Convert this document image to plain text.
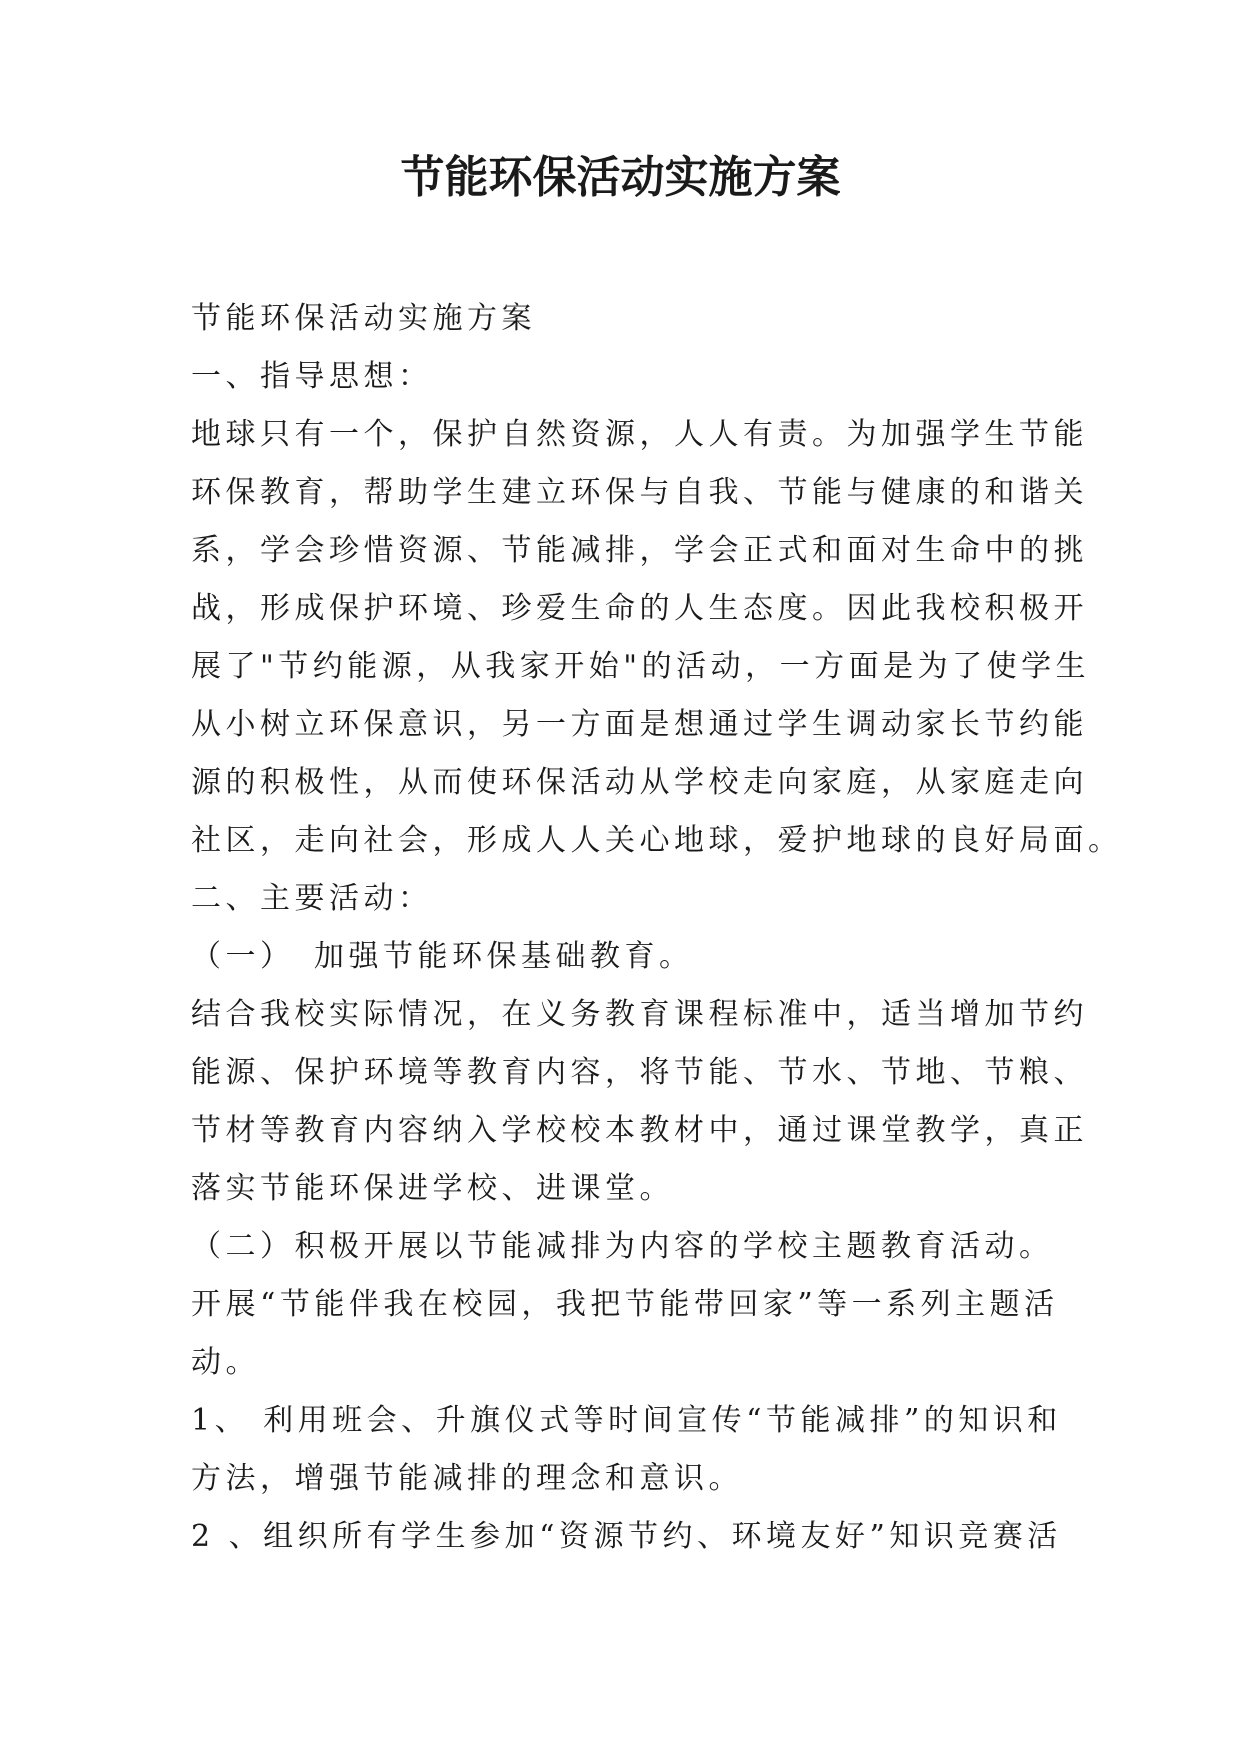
节能环保活动实施方案
节能环保活动实施方案
一、指导思想：
地球只有一个，保护自然资源，人人有责。为加强学生节能
环保教育，帮助学生建立环保与自我、节能与健康的和谐关
系，学会珍惜资源、节能减排，学会正式和面对生命中的挑
战，形成保护环境、珍爱生命的人生态度。因此我校积极开
展了"节约能源，从我家开始"的活动，一方面是为了使学生
从小树立环保意识，另一方面是想通过学生调动家长节约能
源的积极性，从而使环保活动从学校走向家庭，从家庭走向
社区，走向社会，形成人人关心地球，爱护地球的良好局面。
二、主要活动：
（一）　加强节能环保基础教育。
结合我校实际情况，在义务教育课程标准中，适当增加节约
能源、保护环境等教育内容，将节能、节水、节地、节粮、
节材等教育内容纳入学校校本教材中，通过课堂教学，真正
落实节能环保进学校、进课堂。
（二）积极开展以节能减排为内容的学校主题教育活动。
开展“节能伴我在校园，我把节能带回家”等一系列主题活
动。
1、 利用班会、升旗仪式等时间宣传“节能减排”的知识和
方法，增强节能减排的理念和意识。
2 、组织所有学生参加“资源节约、环境友好”知识竞赛活
